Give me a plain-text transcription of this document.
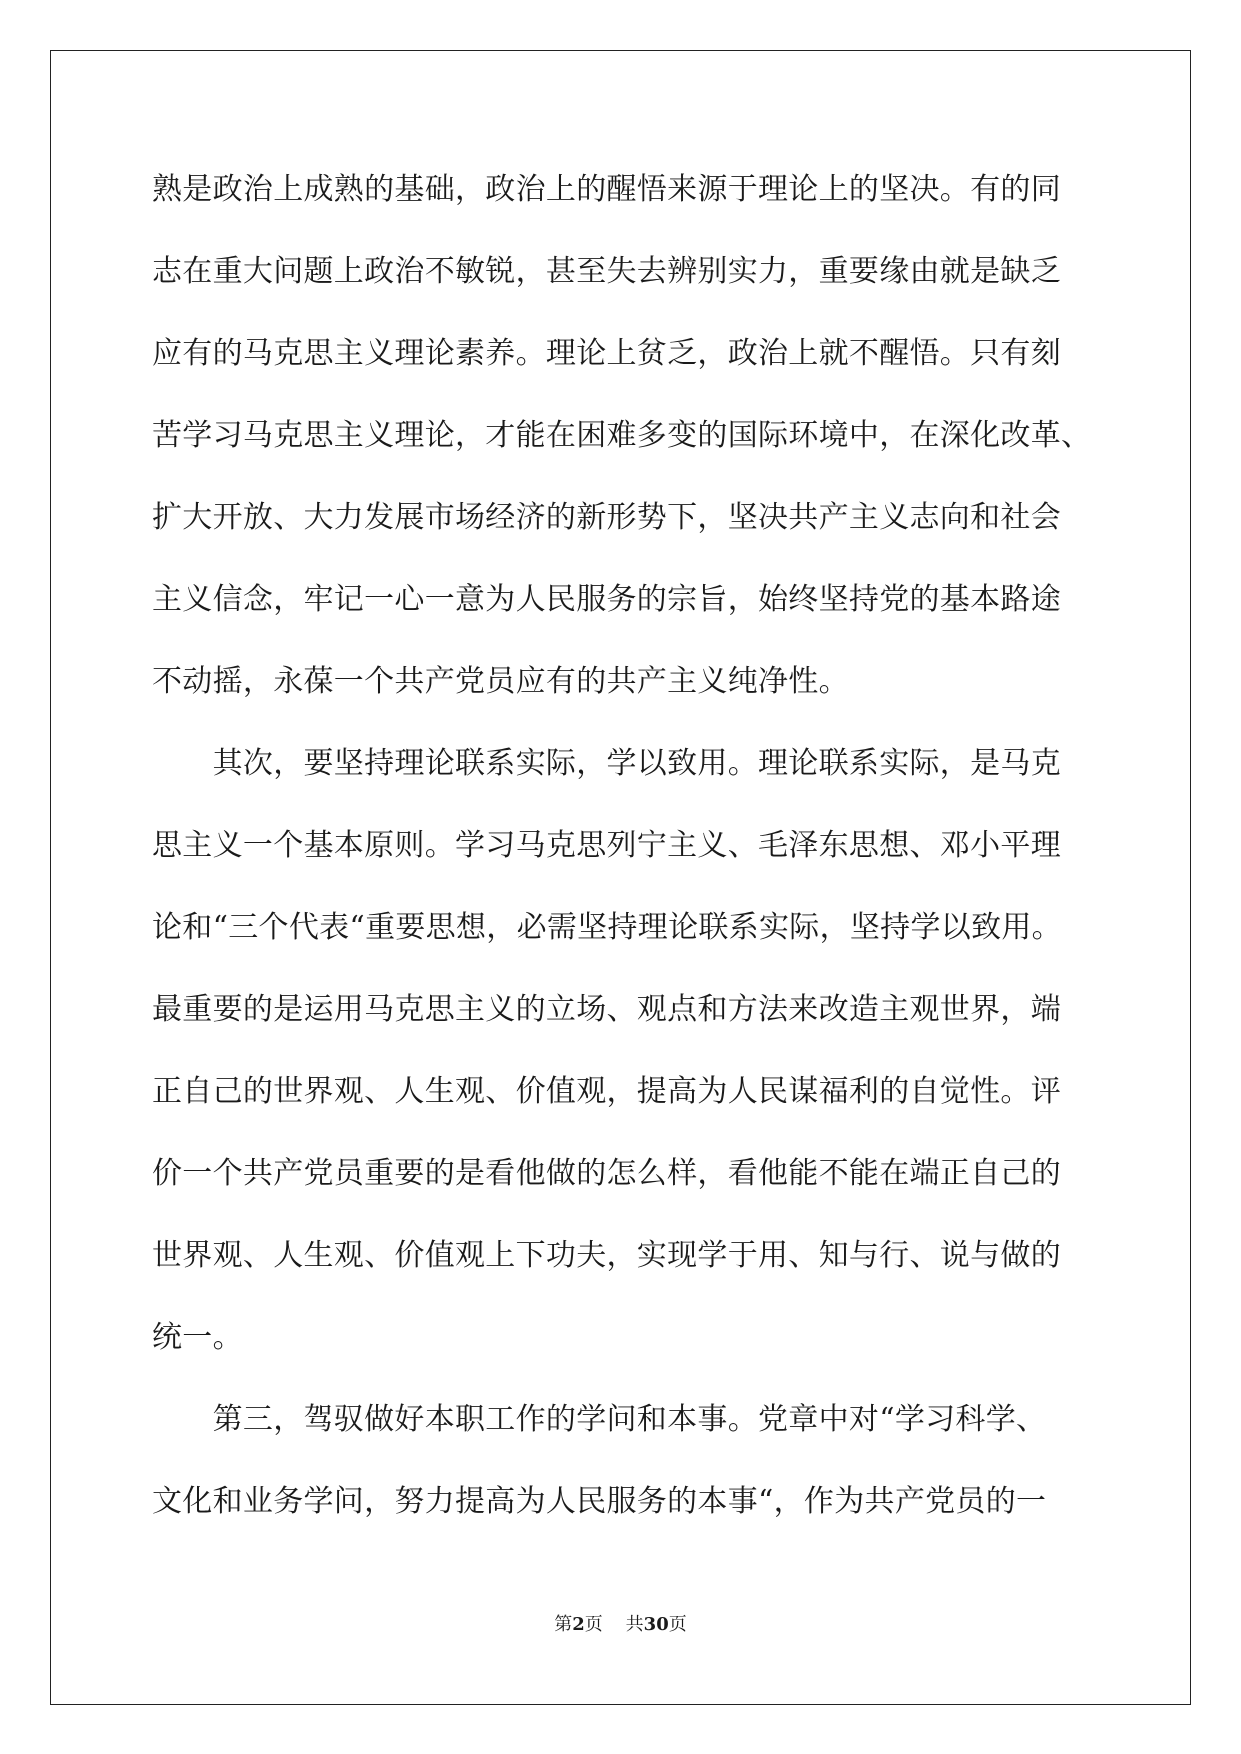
熟是政治上成熟的基础，政治上的醒悟来源于理论上的坚决。有的同
志在重大问题上政治不敏锐，甚至失去辨别实力，重要缘由就是缺乏
应有的马克思主义理论素养。理论上贫乏，政治上就不醒悟。只有刻
苦学习马克思主义理论，才能在困难多变的国际环境中，在深化改革、
扩大开放、大力发展市场经济的新形势下，坚决共产主义志向和社会
主义信念，牢记一心一意为人民服务的宗旨，始终坚持党的基本路途
不动摇，永葆一个共产党员应有的共产主义纯净性。
　　其次，要坚持理论联系实际，学以致用。理论联系实际，是马克
思主义一个基本原则。学习马克思列宁主义、毛泽东思想、邓小平理
论和“三个代表“重要思想，必需坚持理论联系实际，坚持学以致用。
最重要的是运用马克思主义的立场、观点和方法来改造主观世界，端
正自己的世界观、人生观、价值观，提高为人民谋福利的自觉性。评
价一个共产党员重要的是看他做的怎么样，看他能不能在端正自己的
世界观、人生观、价值观上下功夫，实现学于用、知与行、说与做的
统一。
　　第三，驾驭做好本职工作的学问和本事。党章中对“学习科学、
文化和业务学问，努力提高为人民服务的本事“，作为共产党员的一
第2页 共30页
